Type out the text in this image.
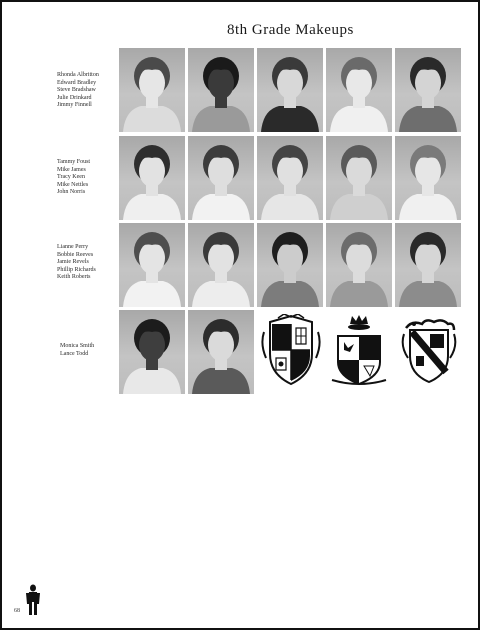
8th Grade Makeups
Rhonda Albritton
Edward Bradley
Steve Bradshaw
Julie Drinkard
Jimmy Finnell
Tammy Foust
Mike James
Tracy Keen
Mike Nettles
John Norris
Lianne Perry
Bobbie Reeves
Jamie Revels
Phillip Richards
Keith Roberts
Monica Smith
Lance Todd
68
